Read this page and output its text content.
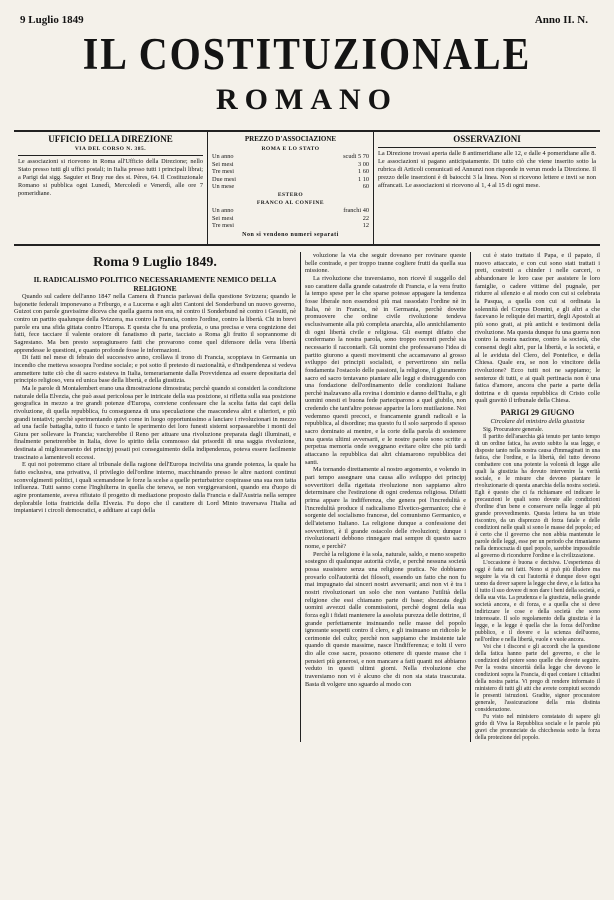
9 Luglio 1849	Anno II. N.
IL COSTITUZIONALE
ROMANO
UFFICIO DELLA DIREZIONE
VIA DEL CORSO N. 385.
Le associazioni si ricevono in Roma all'Ufficio della Direzione; nello Stato presso tutti gli uffici postali; in Italia presso tutti i principali librai; a Parigi dai sigg. Saguier et Bray rue des st. Pères, 64. Il Costituzionale Romano si pubblica ogni Lunedì, Mercoledì e Venerdì, alle ore 7 pomeridiane.
PREZZO D'ASSOCIAZIONE
ROMA E LO STATO
Un anno	scudi 5 70
Sei mesi	3 00
Tre mesi	1 60
Due mesi	1 10
Un mese	60
ESTERO
FRANCO AL CONFINE
Un anno	franchi 40
Sei mesi	22
Tre mesi	12
Non si vendono numeri separati
OSSERVAZIONI
La Direzione trovasi aperta dalle 8 antimeridiane alle 12, e dalle 4 pomeridiane alle 8. Le associazioni si pagano anticipatamente. Di tutto ciò che viene inserito sotto la rubrica di Articoli comunicati ed Annunzi non risponde in verun modo la Direzione. Il prezzo delle inserzioni è di baiocchi 3 la linea. Non si ricevono lettere e invii se non affrancati. Le associazioni si ricevono al 1, 4 al 15 di ogni mese.
Roma 9 Luglio 1849.
IL RADICALISMO POLITICO NECESSARIAMENTE NEMICO DELLA RELIGIONE

Quando sul cadere dell'anno 1847 nella Camera di Francia parlavasi della questione Svizzera; quando le bajonette federali imponevano a Friburgo, e a Lucerna e agli altri Cantoni del Sonderbund un nuovo governo, Guizot con parole gravissime diceva che quella guerra non era, nè contro il Sonderbund nè contro i Gesuiti, nè contro un partito qualunque della Svizzera, ma contro la Francia, contro l'ordine, contro la libertà. Chi in brevi parole era una sfida gittata contro l'Europa. E questa che fu una profezia, o una precisa e vera cognizione dei fatti, fece tacciare il valente oratore di fanatismo di parte, tacciato a Roma gli frutto il soprannome di Sagrestano. Ma ben presto sopragiunsero fatti che provarono come quel difensore della vera libertà apprendesse le questioni, e quanto profonde fosse le informazioni.

Di fatti nel mese di febraio del successivo anno, crollava il trono di Francia, scoppiava in Germania un incendio che metteva sossopra l'ordine sociale; e poi sotto il pretesto di nazionalità, e d'indipendenza si vedeva ammettere tutte ciò che di sacro esisteva in Italia, temerariamente dalla Provvidenza ad essere depositaria del principio religioso, vera ed unica base della libertà, e della giustizia.

Ma le parole di Montalembert erano una dimostrazione dimostrata; perchè quando si consideri la condizione naturale della Elvezia, che può assai pericolosa per le intricate della sua posizione, si rifletta sulla sua posizione geografica in mezzo a tre grandi potenze d'Europa, conviene confessare che la scelta fatta dai capi della rivoluzione, di quella repubblica, fu conseguenza di una speculazione che mascondeva altri e ulteriori, e più grandi tentativi; perchè sperimentando quivi come in luogo opportunissimo a lanciare i rivoluzionari in mezzo ad una facile battaglia, tutto il fuoco e tanto le sperimento dei loro funesti sistemi sorpassarebbe i monti del Giura per sollevare la Francia; varcherebbe il Reno per attuare una rivoluzione preparata dagli illuminati, e finalmente penetrerebbe in Italia, dove lo spirito della commosso dai prisordii di una saggia rivoluzione, destinata al miglioramento dei principj posati poi conseguimento della indipendenza, poteva essere facilmente trascinato a lamentevoli eccessi.

E qui noi potremmo citare al tribunale della ragione dell'Europa incivilita una grande potenza, la quale ha fatto esclusiva, una privativa, il privilegio dell'ordine interno, macchinando presso le altre nazioni continui sconvolgimenti politici, i quali scemandone le forze la scelse a quelle perturbatrice cospirasse una sua non tatta influenza. Tutti sanno come l'Inghilterra in quella che teneva, se non vergigevarsioni, quando era d'uopo di agire prontamente, aveva rifiutato il progetto di mediazione proposto dalla Francia e dall'Austria nella sempre deplorabile lotta fratricida della Elvezia. Fu dopo che il carattere di Lord Minto traversava l'Italia ad impiantarvi i circoli democratici, e additare ai capi della

voluzione la via che seguir doveano per rovinare queste belle contrade, e per troppo tranne cogliere frutti da quella sua missione.

La rivoluzione che traversiamo, non ricevè il suggello del suo carattere dalla grande catastrofe di Francia, e la vera frutto la tempo spese per le che sparse potesse appagare la tendenza fosse liberale non essendosi più mai rassodato l'ordine nè in Italia, nè in Francia, nè in Germania, perchè dovette promuovere che ordine civile rivoluzione tendeva esclusivamente alla più completa anarchia, allo annichilamento di ogni libertà civile e religiosa. Gli esempi difatto che confermano la nostra parola, sono troppo recenti perchè sia necessario il raccontarli. Gli uomini che professavano l'idea di partito giurono a questi movimenti che accamavano al grosso sviluppo dei principii socialisti, e pervertirono sin nella fondamenta l'ostacolo delle passioni, la religione, il giuramento sacro ed sacro tentavano piantare alle leggi e distruggendo con una fondazione dell'ordinamento delle condizioni Italiane perchè inalzavano alla rovina i dominio e danno dell'Italia, e gli uomini onesti ei buona fede parteciparono a quel giubilo, non credendo che tant'altre potesse apparire la loro mutilazione. Noi vedemmo questi precoci, e francamente grandi radicali e la repubblica, al disordine; ma questo fu il solo sarprodo il spesso sacro dominato ai mentre, e la corte della parola di sostenere una questa ultimi avversarii, e le nostre parole sono scritte a perpetua memoria onde sveggnano evitare oltre che più tardi attaccano la repubblica dai altri chiamarono repubblica dei santi.

Ma tornando direttamente al nostro argomento, e volendo in pari tempo assegnare una causa allo sviluppo dei principj sovvertitori della rigettata rivoluzione non sappiamo altro determinare che l'estinzione di ogni credenza religiosa. Difatti prima appare la indifferenza, che genera poi l'incredulità e l'incredulità produce il radicalismo Elvetico-germanico; che è sorgente del socialismo francese, del comunismo Germanico, e dell'ateismo Italiano. La religione dunque a confessione dei sovvertitori, è il grande ostacolo delle rivoluzioni; dunque i rivoluzionarii debbono rinnegare mai sempre di questo sacro nome, e perchè?

Perchè la religione è la sola, naturale, saldo, e meno sospetto sostegno di qualunque autorità civile, e perchè nessuna società possa sussistere senza una religione pratica. Ne dobbiamo provarlo coll'autorità dei filosofi, essendo un fatto che non fu mai impugnato dai sinceri nostri avversarii; anzi non vi è tra i nostri rivoluzionari un solo che non vantano l'utilità della religione che essi chiamano parte di base; sbozzata degli uomini avvezzi dalle commissioni, perchè dogmi della sua forza egli i fidati mantenere la assoluta purezza delle dottrine, il grande perfettamente insinuando nelle masse del popolo ignorante sospetti contro il clero, e gli insinuano un ridicolo le cerimonie del culto; perchè non sappiamo che insistente tale quando di queste massime, nasce l'indifferenza; e tolti il vero dio alle cose sacre, possono ottenere di queste masse che i pensieri più generosi, e non mancare a fatti quanti noi abbiamo veduto in questi ultimi giorni. Nella rivoluzione che traversiamo non vi è alcuno che di non sia stata trascurata. Basta di volgere uno sguardo al modo con

cui è stato trattato il Papa, e il papato, il nuovo attaccato, e con cui sono stati trattati i preti, costretti a chinder i nelle carceri, o abbandonare le loro case per assistere le loro famiglie, o cadere vittime del pugnale, per ridurre al silenzio e al modo con cui si celebrata la Pasqua, a quella con cui si ordinata la solennità del Corpus Domini, e gli altri a che facevano le reliquie dei martiri, degli Apostoli ai più sono grati, ai più antichi e testimoni della rivoluzione. Ma questa dunque fu una guerra non contro la nostra nazione, contro la società, che consensi degli altri, pur la libertà, e la società, e al le aviduta del Clero, del Pontefice, e della Chiesa. Quale era, se non lo vincitore della rivoluzione? Ecco tutti noi ne sappiamo; le sentenze di tutti, e ai quali pertinacia non è una fatica d'amore, ancora che parte a parte della dottrina e di questa repubblica di Cristo colle quali gravitò il tribunale della Chiesa.

PARIGI 29 GIUGNO
Circolare del ministro della giustizia

Sig. Procuratore generale.

Il partito dell'anarchia già tenuto per tanto tempo di un ordine fatica, ha avuto subito la sua legge, e disposte tanto nella nostra causa d'immaginati in una fatica, che l'ordine, e la libertà, del tutto devono combattere con una potente la volontà di legge alle quali la giustizia ha dovuto intervenire la verità sociale, e le misure che devono piantare le rivoluzionarie di questa anarchia della nostra società. Egli è questo che ci fa richiamare ed indicare le precauzioni le quali sono dovute alle condizioni d'ordine d'un bene e conservare nella legge al più grande provvedimento. Questa lettera ha un triste riscontro, da un disprezzo di forza fatale e delle condizioni nelle quali si sono le masse del popolo; ed è certo che il governo che non abbia mantenute le parole delle leggi, esse per un periodo che rimaniamo nella democrazia di quel popolo, sarebbe impossibile al governo di ricondurre l'ordine e la civilizzazione.

L'occasione è buona e decisiva. L'esperienza di oggi è fatta nei fatti. Nono si può più illudere ma seguire la via di cui l'autorità è dunque dove ogni uomo da dover sapere la legge che deve, e la fatica ha il tutto il suo dovere di non dare i beni della società, e della sua vita. La prudenza e la giustizia, nella grande società ancora, e di forza, e a quella che si deve indirizzare le cose e della società che sono interessate. Il solo regolamento della giustizia è la legge, e la legge è quella che la forza dell'ordine pubblico, e il dovere e la scienza dell'uomo, nell'ordine e nella libertà, vuole e vuole ancora.

Voi che i discorsi e gli accordi che la questione della fatica hanno parte del governo, e che le condizioni del potere sono quelle che dovete seguire. Per la vostra sincerità della legge che devono le condizioni sopra la Francia, di quel contare i cittadini della nostra patria. Vi prego di rendere informato il ministero di tutti gli atti che avrete compiuti secondo le presenti istruzioni. Gradite, signor procuratore generale, l'assicurazione della mia distinta considerazione.

Fu visto nel ministero constatato di sapere gli grido di Viva la Repubblica sociale e le parole più gravi che pronunciate da chicchessia sotto la forza della protezione del popolo.
